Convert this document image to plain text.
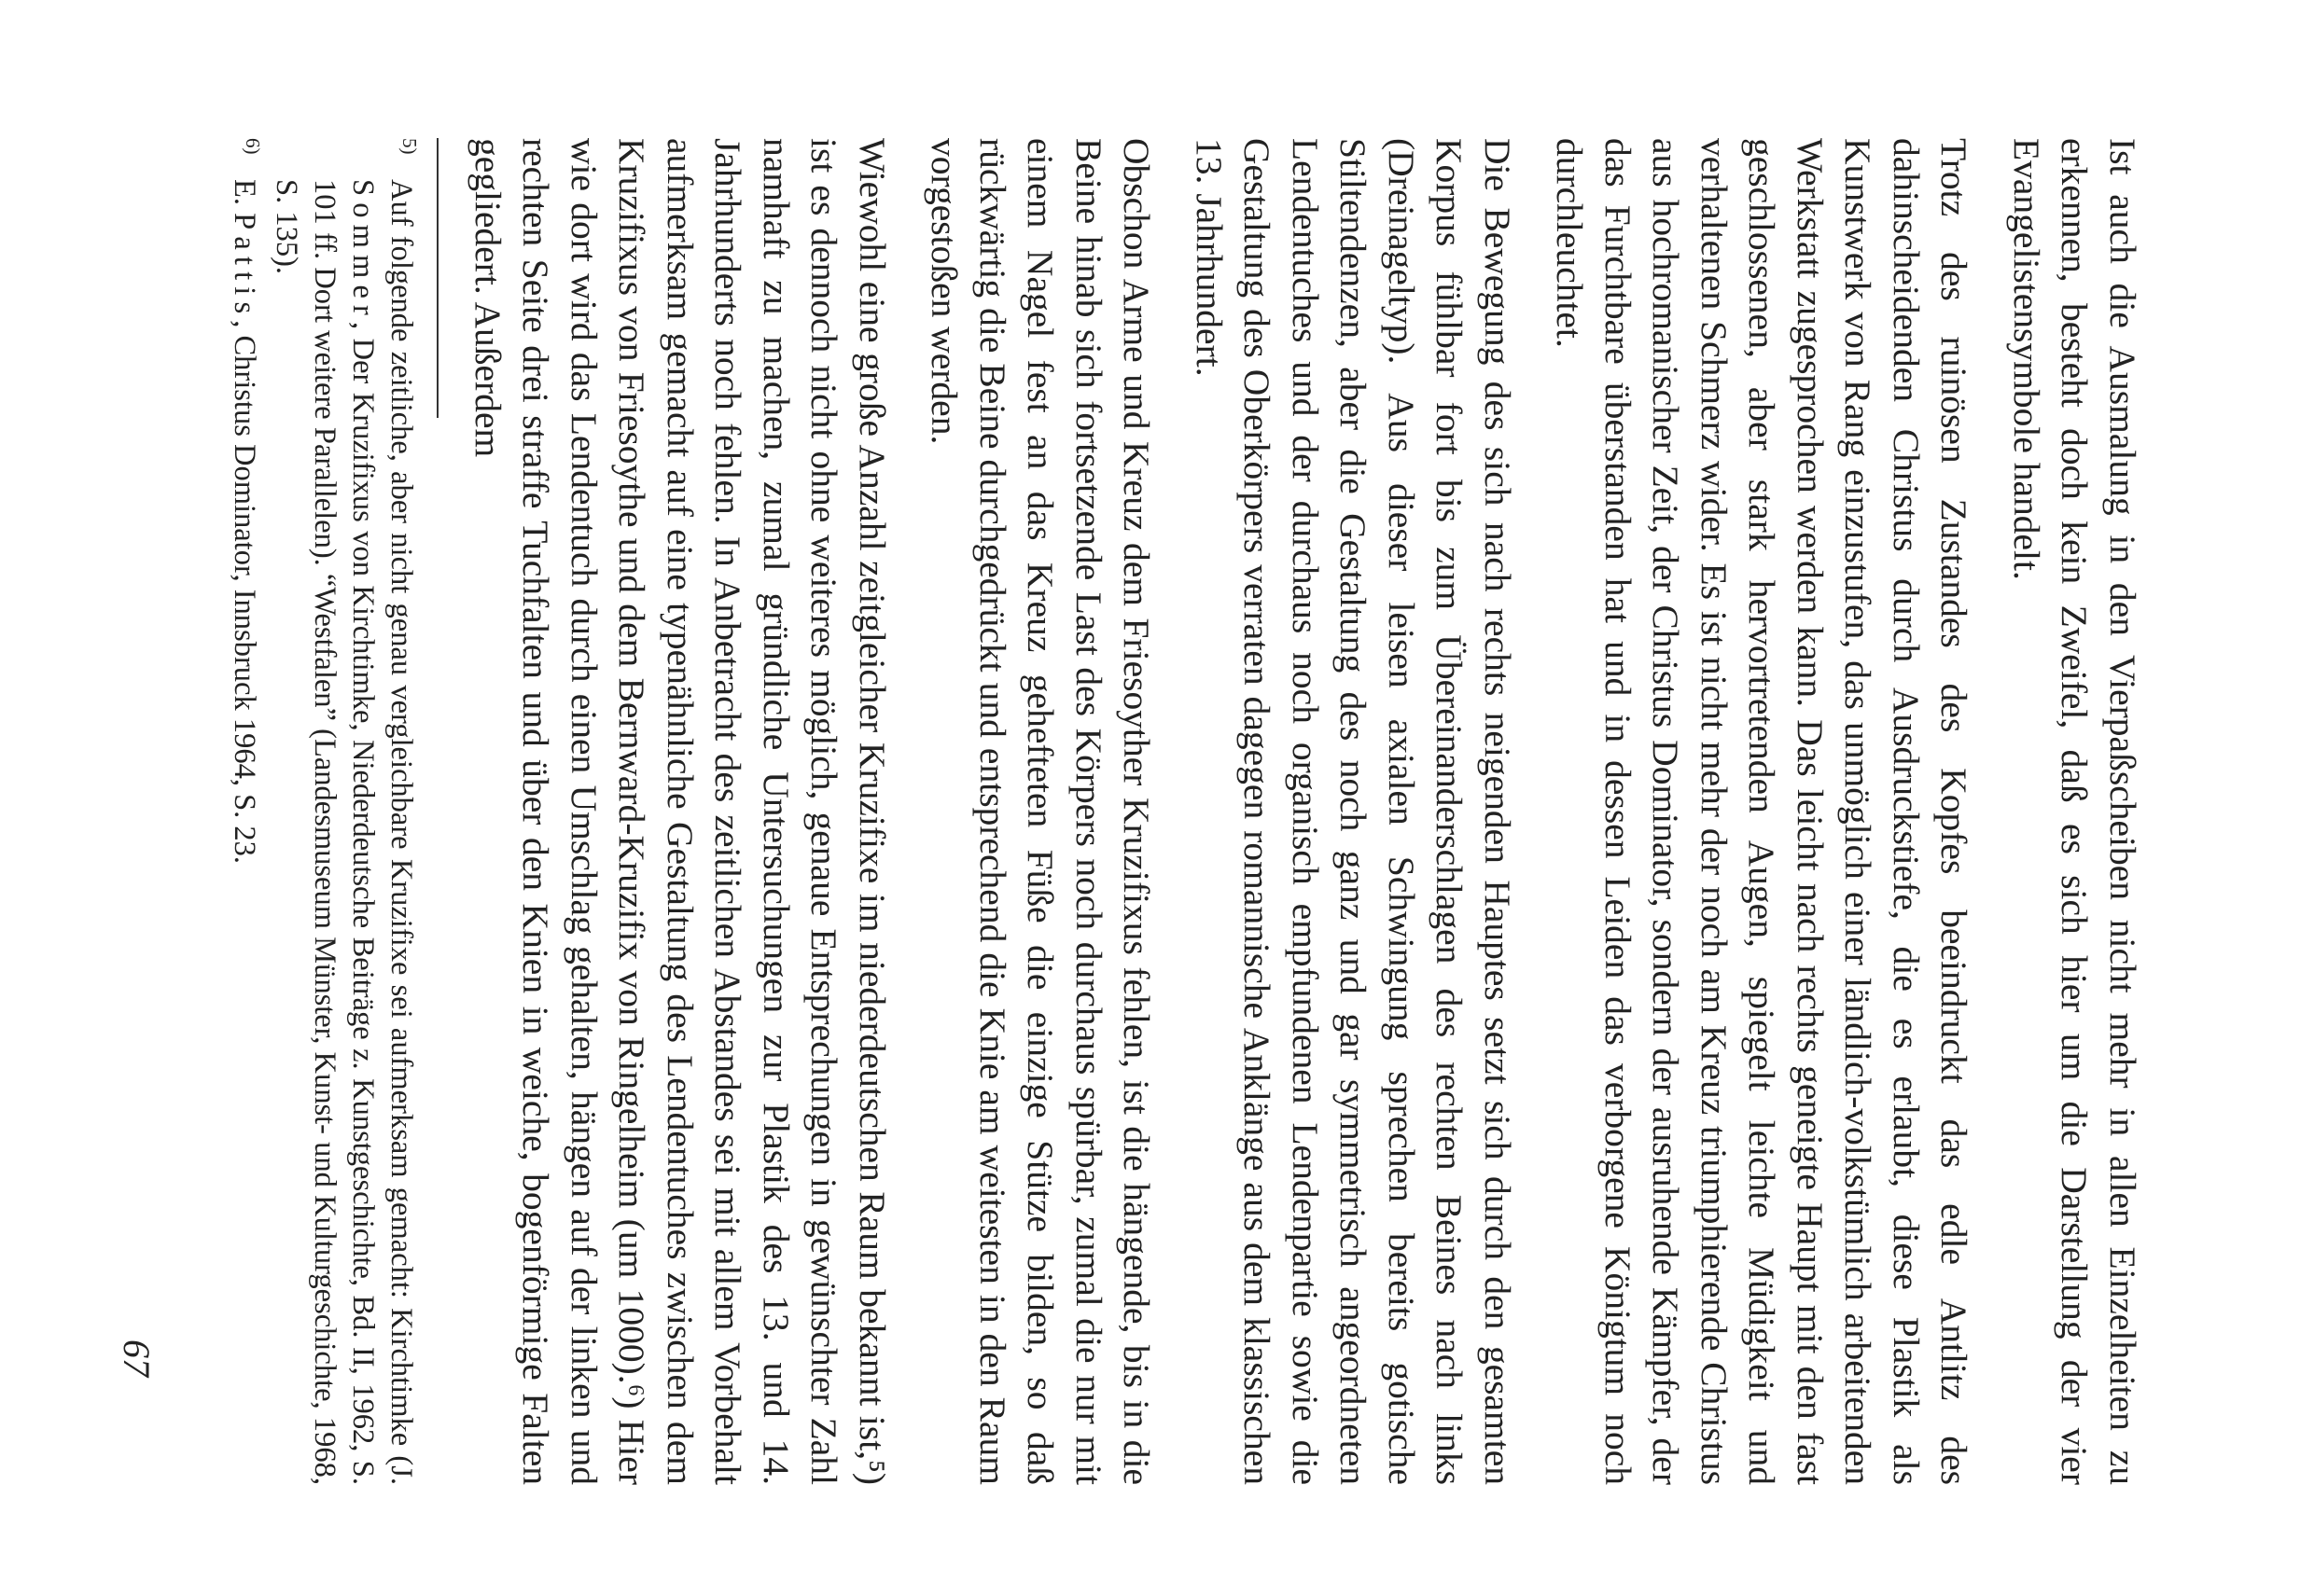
Ist auch die Ausmalung in den Vierpaßscheiben nicht mehr in allen Einzelheiten zu erkennen, besteht doch kein Zweifel, daß es sich hier um die Darstellung der vier Evangelistensymbole handelt.

Trotz des ruinösen Zustandes des Kopfes beeindruckt das edle Antlitz des dahinscheidenden Christus durch Ausdruckstiefe, die es erlaubt, diese Plastik als Kunstwerk von Rang einzustufen, das unmöglich einer ländlich-volkstümlich arbeitenden Werkstatt zugesprochen werden kann. Das leicht nach rechts geneigte Haupt mit den fast geschlossenen, aber stark hervortretenden Augen, spiegelt leichte Müdigkeit und verhaltenen Schmerz wider. Es ist nicht mehr der noch am Kreuz triumphierende Christus aus hochromanischer Zeit, der Christus Dominator, sondern der ausruhende Kämpfer, der das Furchtbare überstanden hat und in dessen Leiden das verborgene Königtum noch durchleuchtet.

Die Bewegung des sich nach rechts neigenden Hauptes setzt sich durch den gesamten Korpus fühlbar fort bis zum Übereinanderschlagen des rechten Beines nach links (Dreinageltyp). Aus dieser leisen axialen Schwingung sprechen bereits gotische Stiltendenzen, aber die Gestaltung des noch ganz und gar symmetrisch angeordneten Lendentuches und der durchaus noch organisch empfundenen Lendenpartie sowie die Gestaltung des Oberkörpers verraten dagegen romannische Anklänge aus dem klassischen 13. Jahrhundert.

Obschon Arme und Kreuz dem Friesoyther Kruzifixus fehlen, ist die hängende, bis in die Beine hinab sich fortsetzende Last des Körpers noch durchaus spürbar, zumal die nur mit einem Nagel fest an das Kreuz gehefteten Füße die einzige Stütze bilden, so daß rückwärtig die Beine durchgedrückt und entsprechend die Knie am weitesten in den Raum vorgestoßen werden.

Wiewohl eine große Anzahl zeitgleicher Kruzifixe im niederdeutschen Raum bekannt ist,⁵) ist es dennoch nicht ohne weiteres möglich, genaue Entsprechungen in gewünschter Zahl namhaft zu machen, zumal gründliche Untersuchungen zur Plastik des 13. und 14. Jahrhunderts noch fehlen. In Anbetracht des zeitlichen Abstandes sei mit allem Vorbehalt aufmerksam gemacht auf eine typenähnliche Gestaltung des Lendentuches zwischen dem Kruzifixus von Friesoythe und dem Bernward-Kruzifix von Ringelheim (um 1000).⁶) Hier wie dort wird das Lendentuch durch einen Umschlag gehalten, hängen auf der linken und rechten Seite drei straffe Tuchfalten und über den Knien in weiche, bogenförmige Falten gegliedert. Außerdem

5)Auf folgende zeitliche, aber nicht genau vergleichbare Kruzifixe sei aufmerksam gemacht: Kirchtimke (J. Sommer, Der Kruzifixus von Kirchtimke, Niederdeutsche Beiträge z. Kunstgeschichte, Bd. II, 1962, S. 101 ff. Dort weitere Parallelen). “Westfalen” (Landesmuseum Münster, Kunst- und Kulturgeschichte, 1968, S. 135).

6)E. Pattis, Christus Dominator, Innsbruck 1964, S. 23.

67
